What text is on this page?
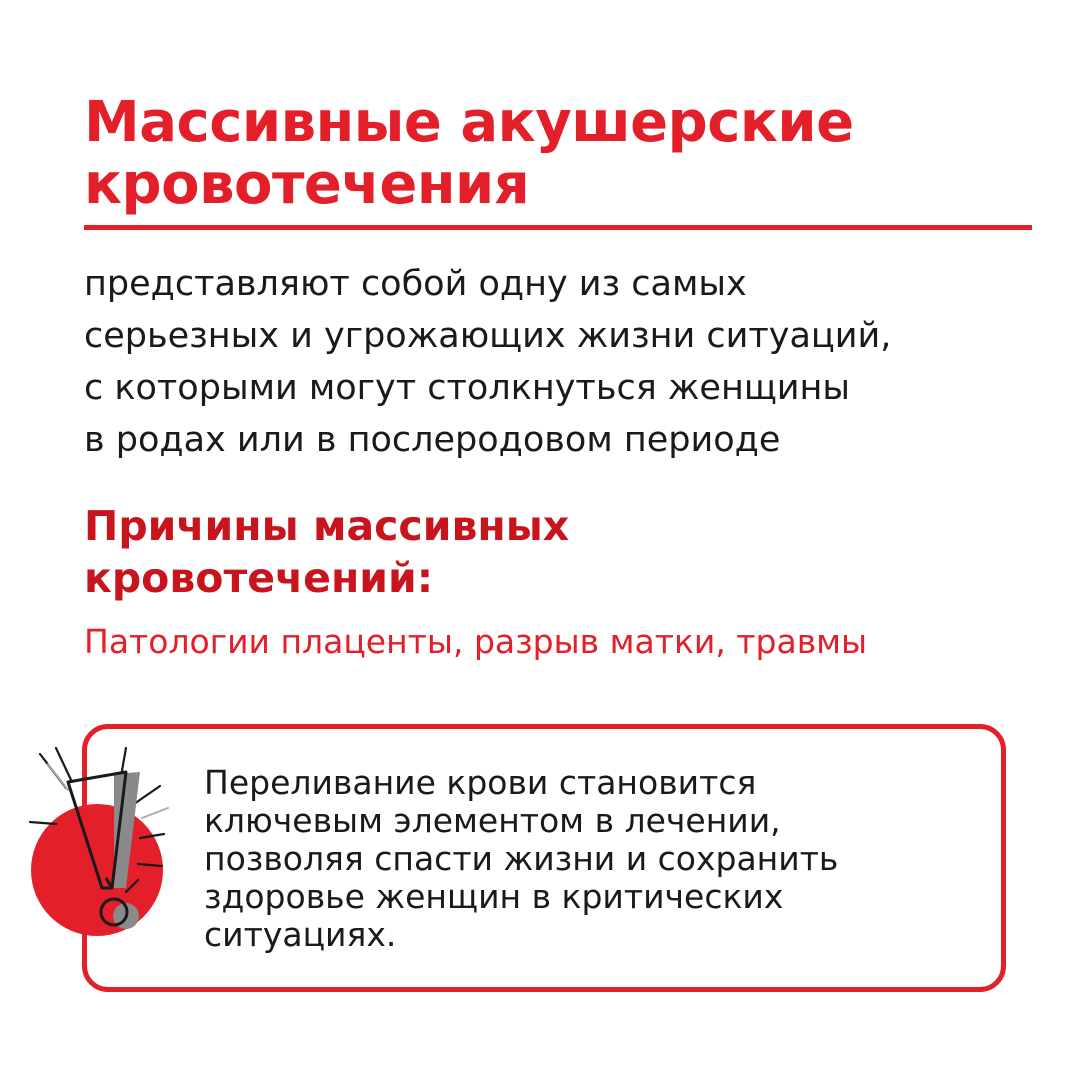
Массивные акушерские
кровотечения

представляют собой одну из самых
серьезных и угрожающих жизни ситуаций,
с которыми могут столкнуться женщины
в родах или в послеродовом периоде

Причины массивных
кровотечений:

Патологии плаценты, разрыв матки, травмы

Переливание крови становится
ключевым элементом в лечении,
позволяя спасти жизни и сохранить
здоровье женщин в критических
ситуациях.
